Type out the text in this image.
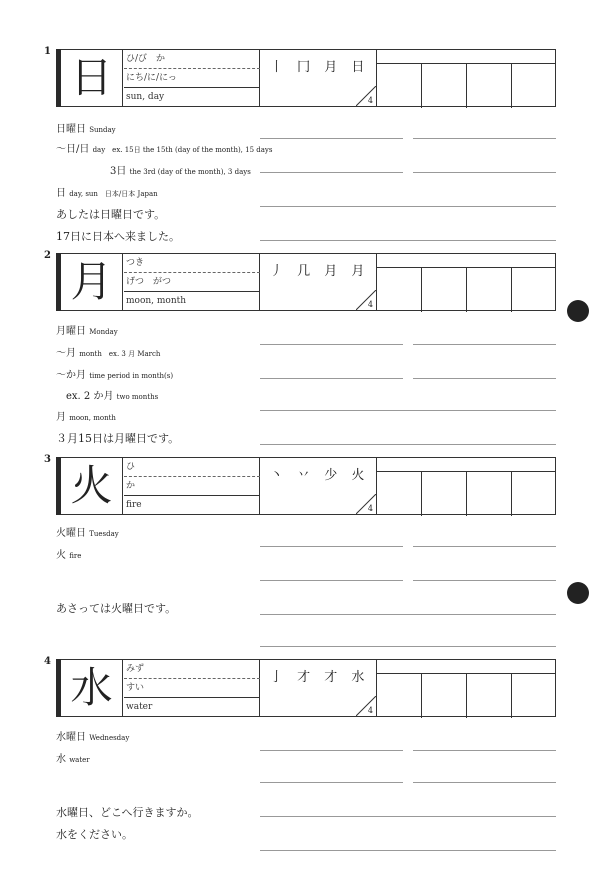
1
日	ひ/び　か
にち/に/にっ
sun, day
丨 冂 月 日
4
日曜日 Sunday
～日/日 day　ex. 15日 the 15th (day of the month), 15 days
3日 the 3rd (day of the month), 3 days
日 day, sun　日本/日本 Japan
あしたは日曜日です。
17日に日本へ来ました。
2
月	つき
げつ　がつ
moon, month
丿 几 月 月
4
月曜日 Monday
～月 month　ex. 3 月 March
～か月 time period in month(s)
ex. 2 か月 two months
月 moon, month
３月15日は月曜日です。
3
火	ひ
か
fire
丶 丷 少 火
4
火曜日 Tuesday
火 fire
あさっては火曜日です。
4
水	みず
すい
water
亅 才 才 水
4
水曜日 Wednesday
水 water
水曜日、どこへ行きますか。
水をください。
